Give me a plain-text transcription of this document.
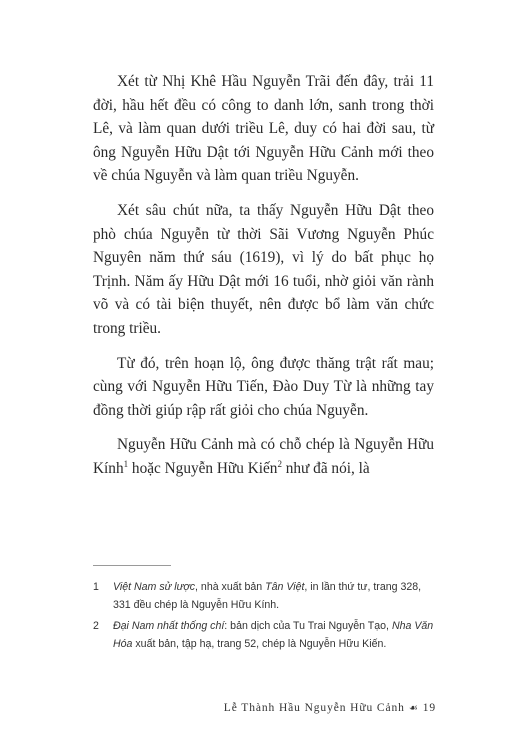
Xét từ Nhị Khê Hầu Nguyễn Trãi đến đây, trải 11 đời, hầu hết đều có công to danh lớn, sanh trong thời Lê, và làm quan dưới triều Lê, duy có hai đời sau, từ ông Nguyễn Hữu Dật tới Nguyễn Hữu Cảnh mới theo về chúa Nguyễn và làm quan triều Nguyễn.

Xét sâu chút nữa, ta thấy Nguyễn Hữu Dật theo phò chúa Nguyễn từ thời Sãi Vương Nguyễn Phúc Nguyên năm thứ sáu (1619), vì lý do bất phục họ Trịnh. Năm ấy Hữu Dật mới 16 tuổi, nhờ giỏi văn rành võ và có tài biện thuyết, nên được bổ làm văn chức trong triều.

Từ đó, trên hoạn lộ, ông được thăng trật rất mau; cùng với Nguyễn Hữu Tiến, Đào Duy Từ là những tay đồng thời giúp rập rất giỏi cho chúa Nguyễn.

Nguyễn Hữu Cảnh mà có chỗ chép là Nguyễn Hữu Kính$^1$ hoặc Nguyễn Hữu Kiến$^2$ như đã nói, là

1 Việt Nam sử lược, nhà xuất bản Tân Việt, in lần thứ tư, trang 328, 331 đều chép là Nguyễn Hữu Kính.
2 Đại Nam nhất thống chí: bản dịch của Tu Trai Nguyễn Tạo, Nha Văn Hóa xuất bản, tập hạ, trang 52, chép là Nguyễn Hữu Kiến.
Lễ Thành Hầu Nguyễn Hữu Cảnh ☙ 19
